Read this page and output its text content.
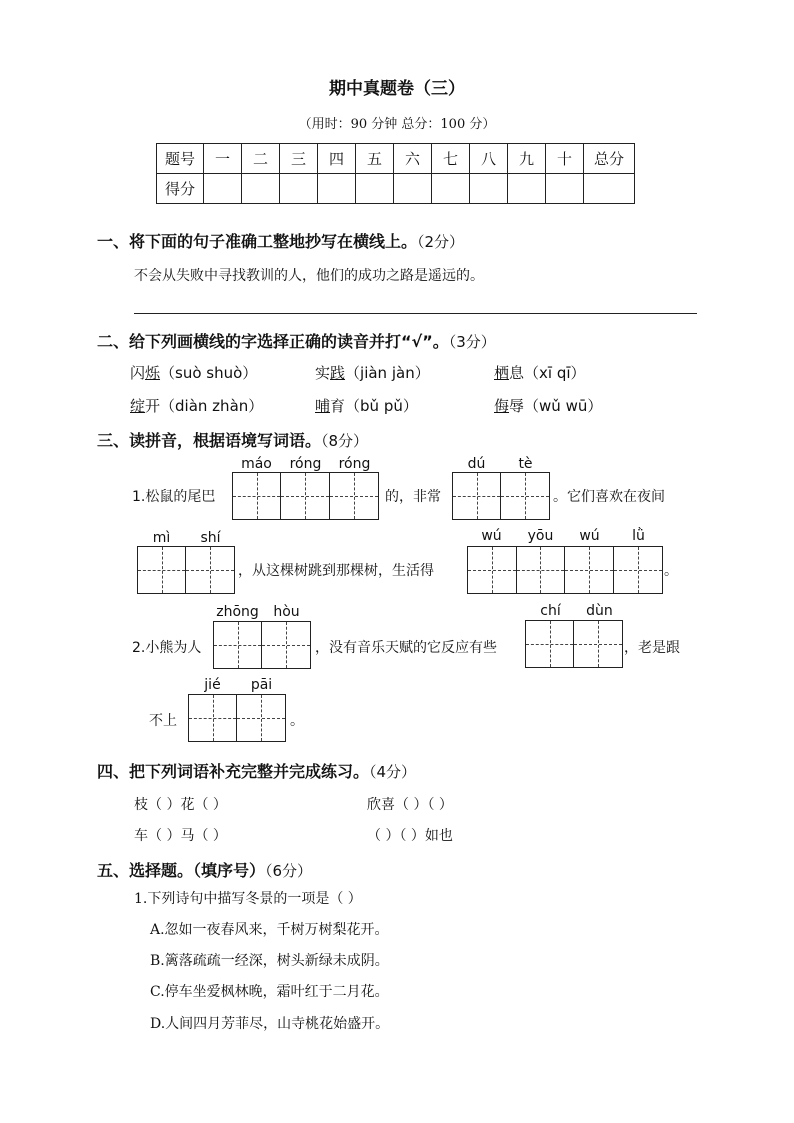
期中真题卷（三）
（用时：90 分钟 总分：100 分）
题号	一	二	三	四	五	六	七	八	九	十	总分
得分											
一、将下面的句子准确工整地抄写在横线上。（2分）
不会从失败中寻找教训的人，他们的成功之路是遥远的。
二、给下列画横线的字选择正确的读音并打“√”。（3分）
闪烁（suò shuò）	实践（jiàn jàn）	栖息（xī qī）
绽开（diàn zhàn）	哺育（bǔ pǔ）	侮辱（wǔ wū）
三、读拼音，根据语境写词语。（8分）
máo	róng	róng
1.松鼠的尾巴	的，非常
dú	tè
。它们喜欢在夜间
mì	shí
，从这棵树跳到那棵树，生活得
wú	yōu	wú	lǜ
。
zhōng	hòu
2.小熊为人	，没有音乐天赋的它反应有些
chí	dùn
，老是跟
jié	pāi
不上	。
四、把下列词语补充完整并完成练习。（4分）
枝（ ）花（ ）	欣喜（ ）（ ）
车（ ）马（ ）	（ ）（ ）如也
五、选择题。（填序号）（6分）
1.下列诗句中描写冬景的一项是（ ）
A.忽如一夜春风来，千树万树梨花开。
B.篱落疏疏一经深，树头新绿未成阴。
C.停车坐爱枫林晚，霜叶红于二月花。
D.人间四月芳菲尽，山寺桃花始盛开。
